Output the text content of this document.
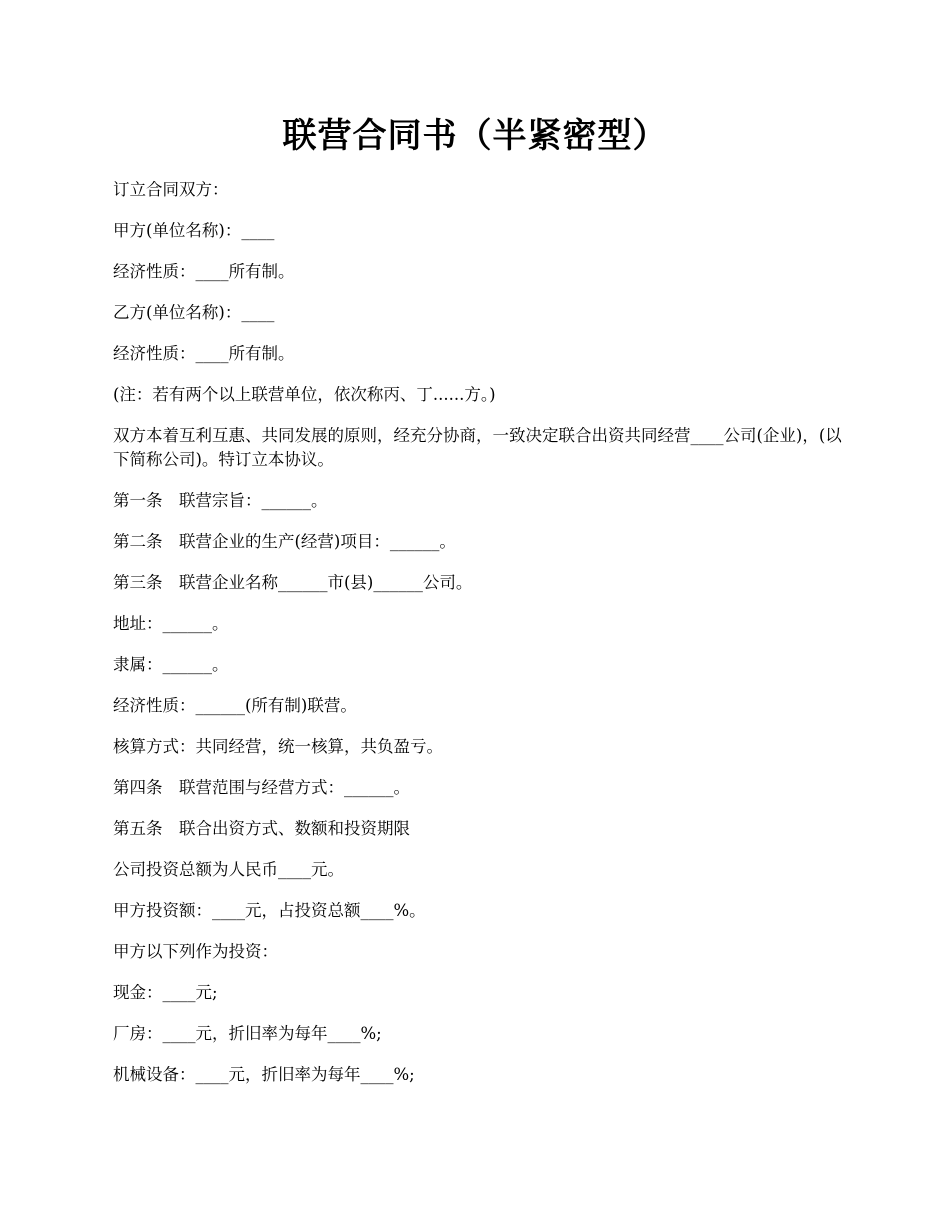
联营合同书（半紧密型）

订立合同双方：

甲方(单位名称)：____

经济性质：____所有制。

乙方(单位名称)：____

经济性质：____所有制。

(注：若有两个以上联营单位，依次称丙、丁......方。)

双方本着互利互惠、共同发展的原则，经充分协商，一致决定联合出资共同经营____公司(企业)，(以下简称公司)。特订立本协议。

第一条　联营宗旨：______。

第二条　联营企业的生产(经营)项目：______。

第三条　联营企业名称______市(县)______公司。

地址：______。

隶属：______。

经济性质：______(所有制)联营。

核算方式：共同经营，统一核算，共负盈亏。

第四条　联营范围与经营方式：______。

第五条　联合出资方式、数额和投资期限

公司投资总额为人民币____元。

甲方投资额：____元，占投资总额____%。

甲方以下列作为投资：

现金：____元;

厂房：____元，折旧率为每年____%;

机械设备：____元，折旧率为每年____%;
